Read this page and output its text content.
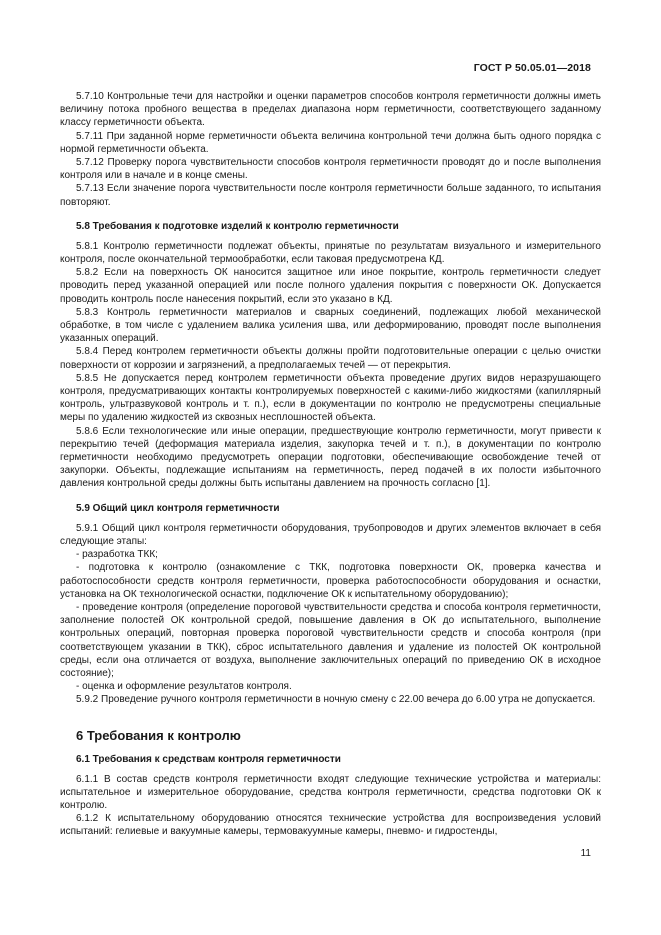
ГОСТ Р 50.05.01—2018

5.7.10 Контрольные течи для настройки и оценки параметров способов контроля герметичности должны иметь величину потока пробного вещества в пределах диапазона норм герметичности, соответствующего заданному классу герметичности объекта.

5.7.11 При заданной норме герметичности объекта величина контрольной течи должна быть одного порядка с нормой герметичности объекта.

5.7.12 Проверку порога чувствительности способов контроля герметичности проводят до и после выполнения контроля или в начале и в конце смены.

5.7.13 Если значение порога чувствительности после контроля герметичности больше заданного, то испытания повторяют.

5.8 Требования к подготовке изделий к контролю герметичности

5.8.1 Контролю герметичности подлежат объекты, принятые по результатам визуального и измерительного контроля, после окончательной термообработки, если таковая предусмотрена КД.

5.8.2 Если на поверхность ОК наносится защитное или иное покрытие, контроль герметичности следует проводить перед указанной операцией или после полного удаления покрытия с поверхности ОК. Допускается проводить контроль после нанесения покрытий, если это указано в КД.

5.8.3 Контроль герметичности материалов и сварных соединений, подлежащих любой механической обработке, в том числе с удалением валика усиления шва, или деформированию, проводят после выполнения указанных операций.

5.8.4 Перед контролем герметичности объекты должны пройти подготовительные операции с целью очистки поверхности от коррозии и загрязнений, а предполагаемых течей — от перекрытия.

5.8.5 Не допускается перед контролем герметичности объекта проведение других видов неразрушающего контроля, предусматривающих контакты контролируемых поверхностей с какими-либо жидкостями (капиллярный контроль, ультразвуковой контроль и т. п.), если в документации по контролю не предусмотрены специальные меры по удалению жидкостей из сквозных несплошностей объекта.

5.8.6 Если технологические или иные операции, предшествующие контролю герметичности, могут привести к перекрытию течей (деформация материала изделия, закупорка течей и т. п.), в документации по контролю герметичности необходимо предусмотреть операции подготовки, обеспечивающие освобождение течей от закупорки. Объекты, подлежащие испытаниям на герметичность, перед подачей в их полости избыточного давления контрольной среды должны быть испытаны давлением на прочность согласно [1].

5.9 Общий цикл контроля герметичности

5.9.1 Общий цикл контроля герметичности оборудования, трубопроводов и других элементов включает в себя следующие этапы:

- разработка ТКК;

- подготовка к контролю (ознакомление с ТКК, подготовка поверхности ОК, проверка качества и работоспособности средств контроля герметичности, проверка работоспособности оборудования и оснастки, установка на ОК технологической оснастки, подключение ОК к испытательному оборудованию);

- проведение контроля (определение пороговой чувствительности средства и способа контроля герметичности, заполнение полостей ОК контрольной средой, повышение давления в ОК до испытательного, выполнение контрольных операций, повторная проверка пороговой чувствительности средств и способа контроля (при соответствующем указании в ТКК), сброс испытательного давления и удаление из полостей ОК контрольной среды, если она отличается от воздуха, выполнение заключительных операций по приведению ОК в исходное состояние);

- оценка и оформление результатов контроля.

5.9.2 Проведение ручного контроля герметичности в ночную смену с 22.00 вечера до 6.00 утра не допускается.

6 Требования к контролю
6.1 Требования к средствам контроля герметичности

6.1.1 В состав средств контроля герметичности входят следующие технические устройства и материалы: испытательное и измерительное оборудование, средства контроля герметичности, средства подготовки ОК к контролю.

6.1.2 К испытательному оборудованию относятся технические устройства для воспроизведения условий испытаний: гелиевые и вакуумные камеры, термовакуумные камеры, пневмо- и гидростенды,

11
